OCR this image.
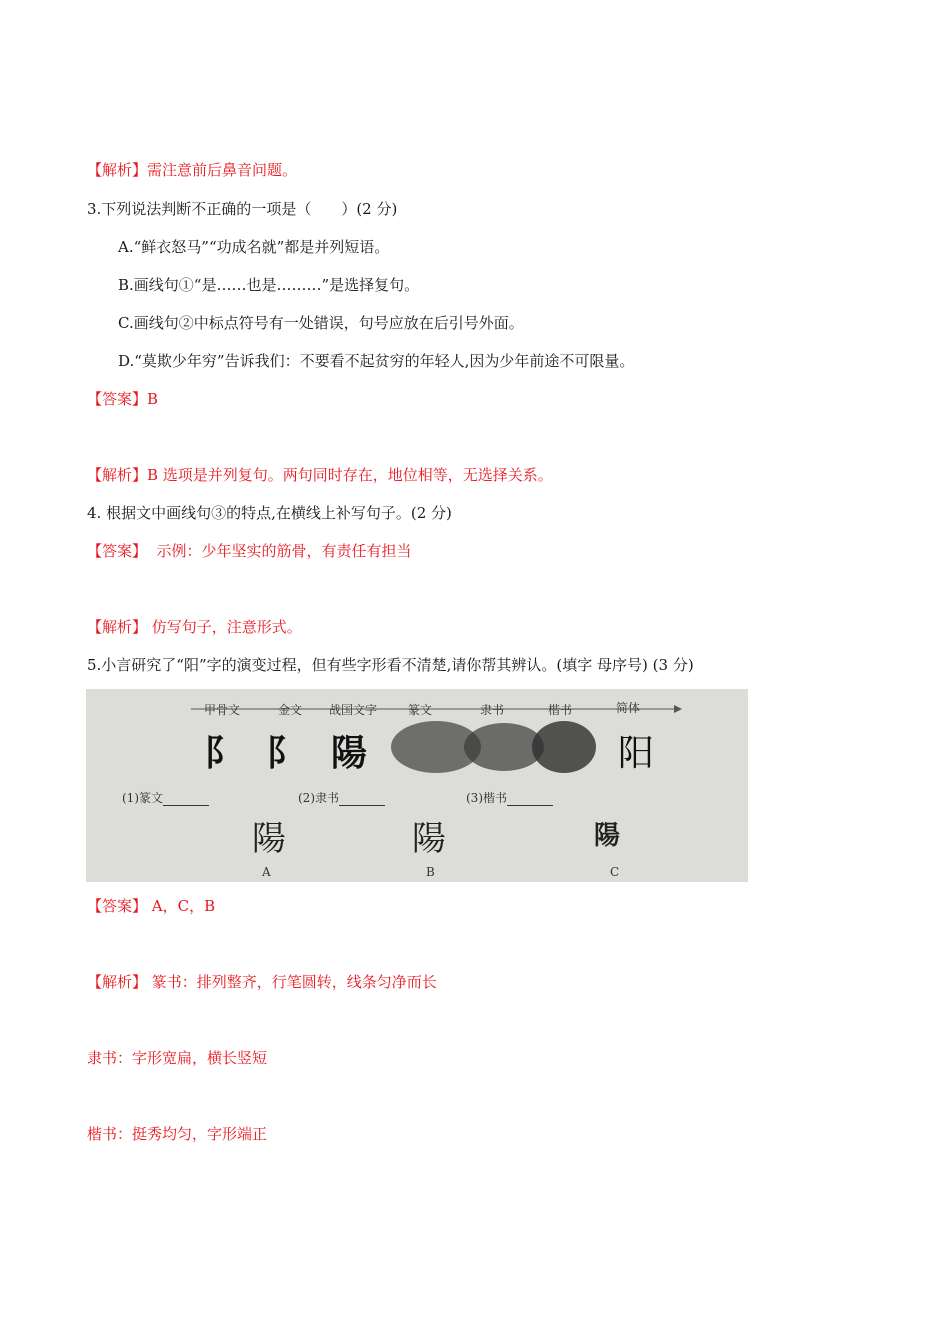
【解析】需注意前后鼻音问题。
3.下列说法判断不正确的一项是（　　）(2 分)
A.“鲜衣怒马”“功成名就”都是并列短语。
B.画线句①“是……也是………”是选择复句。
C.画线句②中标点符号有一处错误，句号应放在后引号外面。
D.“莫欺少年穷”告诉我们：不要看不起贫穷的年轻人,因为少年前途不可限量。
【答案】B
【解析】B 选项是并列复句。两句同时存在，地位相等，无选择关系。
4. 根据文中画线句③的特点,在横线上补写句子。(2 分)
【答案】  示例：少年坚实的筋骨，有责任有担当
【解析】 仿写句子，注意形式。
5.小言研究了“阳”字的演变过程，但有些字形看不清楚,请你帮其辨认。(填字 母序号) (3 分)
甲骨文	金文 战国文字	篆文	隶书	楷书	简体
阝 阝 陽	阳
(1)篆文	(2)隶书	(3)楷书
陽	陽	陽
A	B	C
【答案】 A，C，B
【解析】 篆书：排列整齐，行笔圆转，线条匀净而长
隶书：字形宽扁，横长竖短
楷书：挺秀均匀，字形端正
